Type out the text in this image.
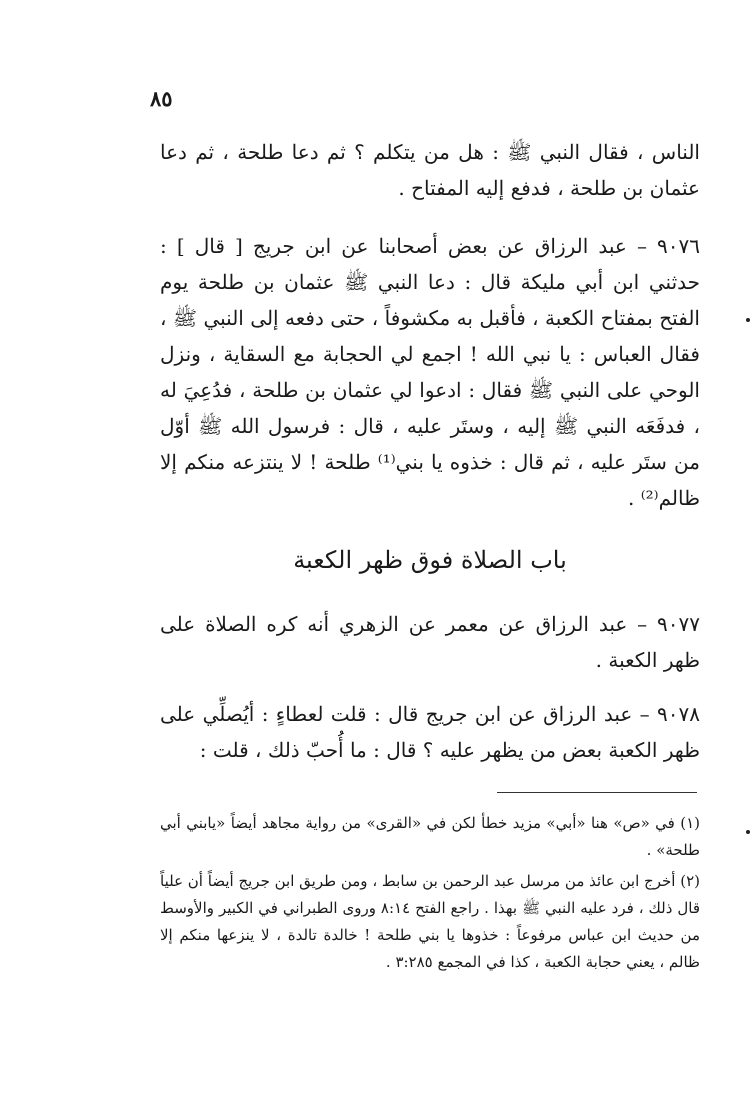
٨٥

الناس ، فقال النبي ﷺ : هل من يتكلم ؟ ثم دعا طلحة ، ثم دعا عثمان بن طلحة ، فدفع إليه المفتاح .

٩٠٧٦ – عبد الرزاق عن بعض أصحابنا عن ابن جريج [ قال ] : حدثني ابن أبي مليكة قال : دعا النبي ﷺ عثمان بن طلحة يوم الفتح بمفتاح الكعبة ، فأقبل به مكشوفاً ، حتى دفعه إلى النبي ﷺ ، فقال العباس : يا نبي الله ! اجمع لي الحجابة مع السقاية ، ونزل الوحي على النبي ﷺ فقال : ادعوا لي عثمان بن طلحة ، فدُعِيَ له ، فدفَعَه النبي ﷺ إليه ، وستَر عليه ، قال : فرسول الله ﷺ أوّل من ستَر عليه ، ثم قال : خذوه يا بني⁽¹⁾ طلحة ! لا ينتزعه منكم إلا ظالم⁽²⁾ .

باب الصلاة فوق ظهر الكعبة

٩٠٧٧ – عبد الرزاق عن معمر عن الزهري أنه كره الصلاة على ظهر الكعبة .

٩٠٧٨ – عبد الرزاق عن ابن جريج قال : قلت لعطاءٍ : أيُصلِّي على ظهر الكعبة بعض من يظهر عليه ؟ قال : ما أُحبّ ذلك ، قلت :

(١) في «ص» هنا «أبي» مزيد خطأ لكن في «القرى» من رواية مجاهد أيضاً «يابني أبي طلحة» .

(٢) أخرج ابن عائذ من مرسل عبد الرحمن بن سابط ، ومن طريق ابن جريج أيضاً أن علياً قال ذلك ، فرد عليه النبي ﷺ بهذا . راجع الفتح ٨:١٤ وروى الطبراني في الكبير والأوسط من حديث ابن عباس مرفوعاً : خذوها يا بني طلحة ! خالدة تالدة ، لا ينزعها منكم إلا ظالم ، يعني حجابة الكعبة ، كذا في المجمع ٣:٢٨٥ .
